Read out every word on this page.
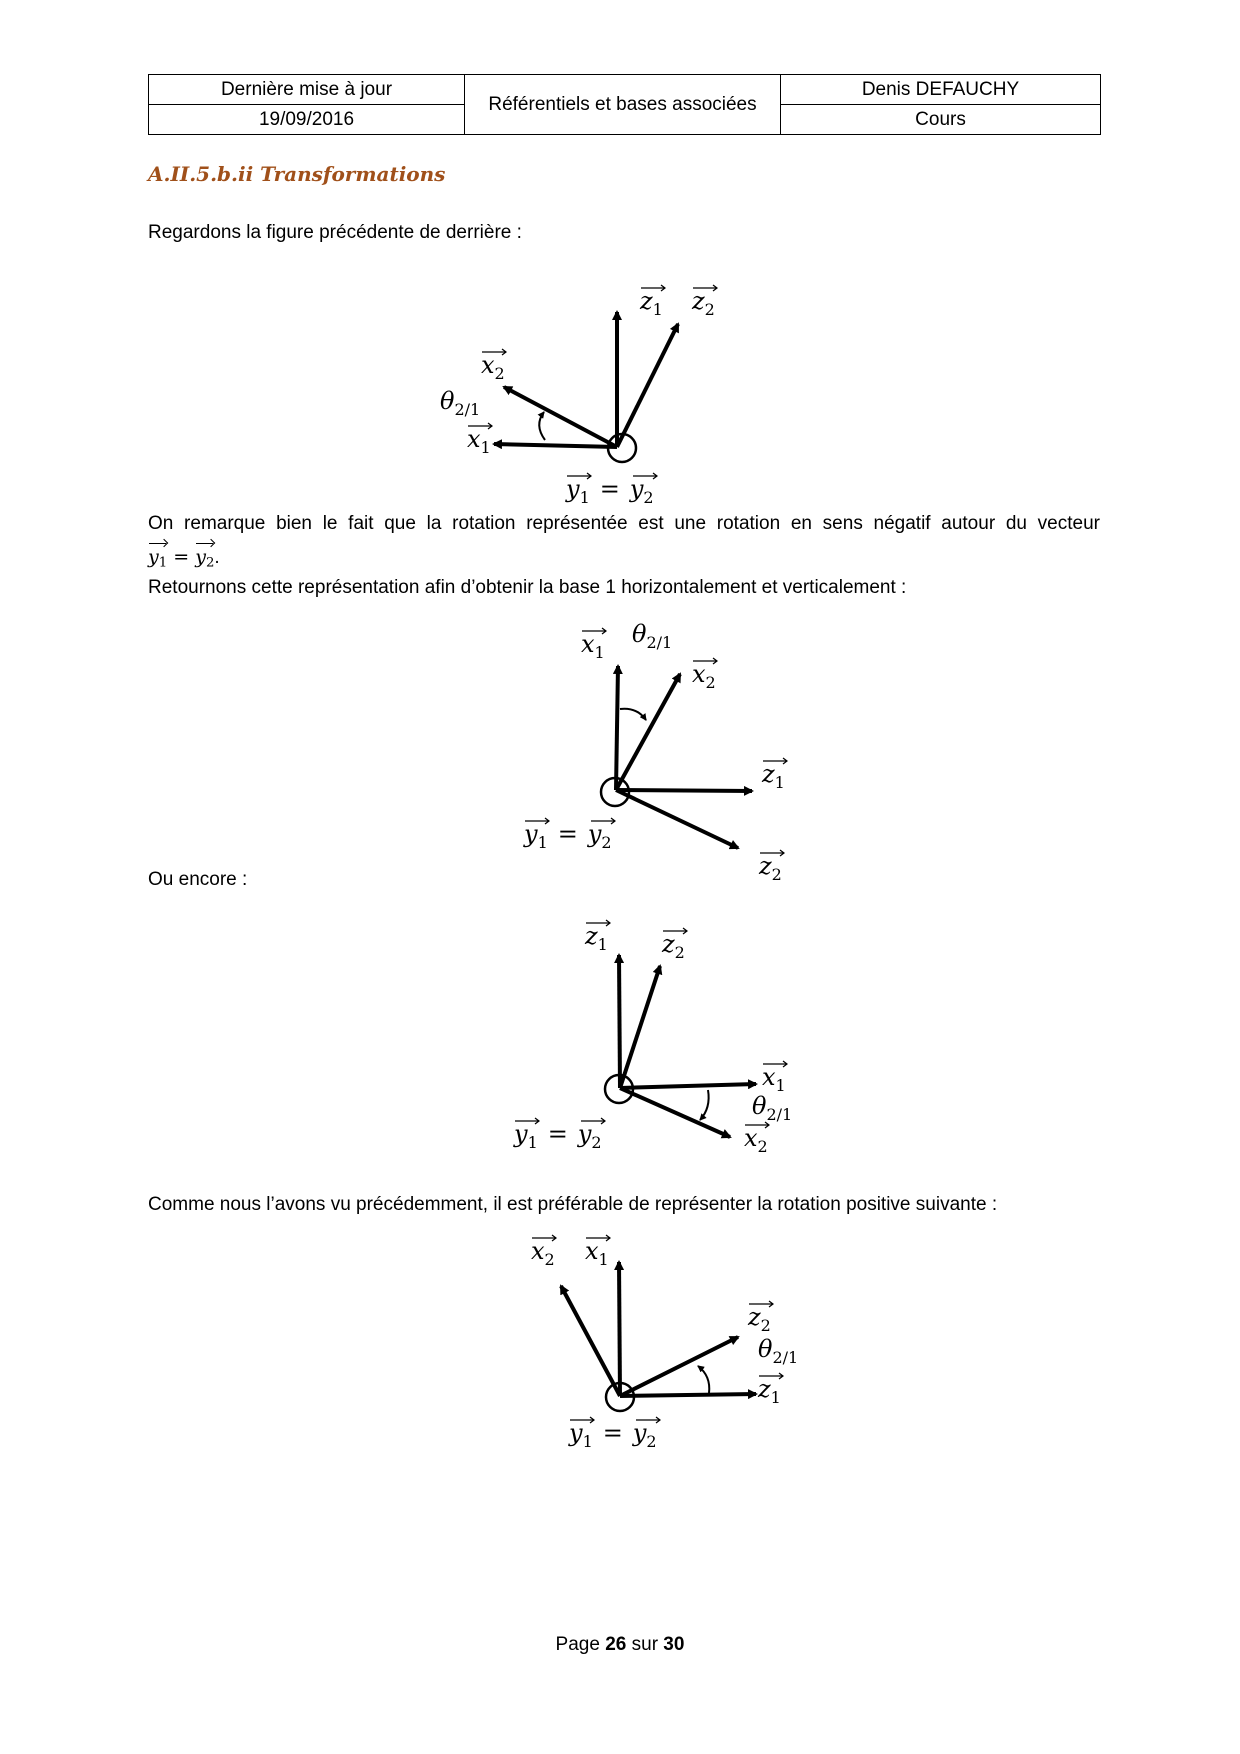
Dernière mise à jour	Référentiels et bases associées	Denis DEFAUCHY
19/09/2016		Cours
A.II.5.b.ii Transformations
Regardons la figure précédente de derrière :
$z_1$ $z_2$
$x_2$
$\theta_{2/1}$
$x_1$
$y_1 = y_2$
$x_1$
$\theta_{2/1}$
$x_2$
$z_1$
$z_2$
$y_1 = y_2$
$z_1$ $z_2$
$x_1$
$\theta_{2/1}$
$x_2$
$y_1 = y_2$
$x_2$ $x_1$
$z_2$
$\theta_{2/1}$
$z_1$
$y_1 = y_2$
On remarque bien le fait que la rotation représentée est une rotation en sens négatif autour du vecteur
$y_1 = y_2$.
Retournons cette représentation afin d’obtenir la base 1 horizontalement et verticalement :
Ou encore :
Comme nous l’avons vu précédemment, il est préférable de représenter la rotation positive suivante :
Page 26 sur 30
